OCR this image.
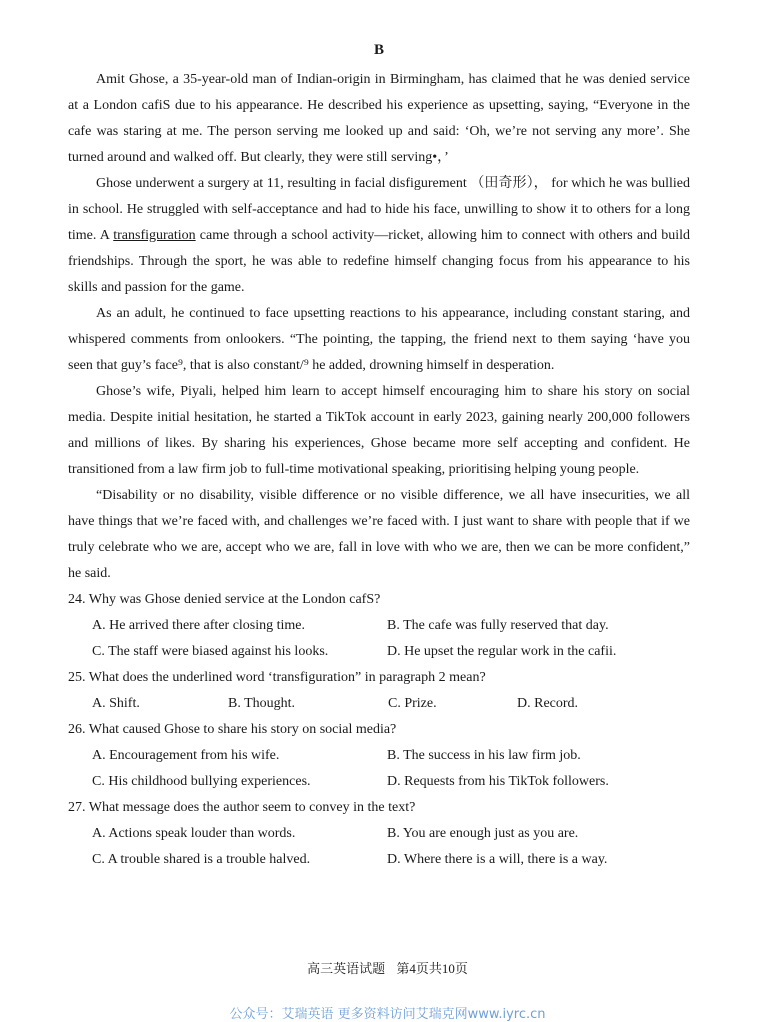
B

Amit Ghose, a 35-year-old man of Indian-origin in Birmingham, has claimed that he was denied service at a London cafiS due to his appearance. He described his experience as upsetting, saying, “Everyone in the cafe was staring at me. The person serving me looked up and said: ‘Oh, we’re not serving any more’. She turned around and walked off. But clearly, they were still serving•，’

Ghose underwent a surgery at 11, resulting in facial disfigurement （田奇形）， for which he was bullied in school. He struggled with self-acceptance and had to hide his face, unwilling to show it to others for a long time. A transfiguration came through a school activity—ricket, allowing him to connect with others and build friendships. Through the sport, he was able to redefine himself changing focus from his appearance to his skills and passion for the game.

As an adult, he continued to face upsetting reactions to his appearance, including constant staring, and whispered comments from onlookers. “The pointing, the tapping, the friend next to them saying ‘have you seen that guy’s face⁹, that is also constant/⁹ he added, drowning himself in desperation.

Ghose’s wife, Piyali, helped him learn to accept himself encouraging him to share his story on social media. Despite initial hesitation, he started a TikTok account in early 2023, gaining nearly 200,000 followers and millions of likes. By sharing his experiences, Ghose became more self accepting and confident. He transitioned from a law firm job to full-time motivational speaking, prioritising helping young people.

“Disability or no disability, visible difference or no visible difference, we all have insecurities, we all have things that we’re faced with, and challenges we’re faced with. I just want to share with people that if we truly celebrate who we are, accept who we are, fall in love with who we are, then we can be more confident,” he said.

24. Why was Ghose denied service at the London cafS?

A. He arrived there after closing time.	B. The cafe was fully reserved that day.
C. The staff were biased against his looks.	D. He upset the regular work in the cafii.

25. What does the underlined word ‘transfiguration” in paragraph 2 mean?

A. Shift.	B. Thought.	C. Prize.	D. Record.

26. What caused Ghose to share his story on social media?

A. Encouragement from his wife.	B. The success in his law firm job.
C. His childhood bullying experiences.	D. Requests from his TikTok followers.

27. What message does the author seem to convey in the text?

A. Actions speak louder than words.	B. You are enough just as you are.
C. A trouble shared is a trouble halved.	D. Where there is a will, there is a way.
高三英语试题 第4页共10页
公众号：艾瑞英语 更多资料访问艾瑞克网www.iyrc.cn
